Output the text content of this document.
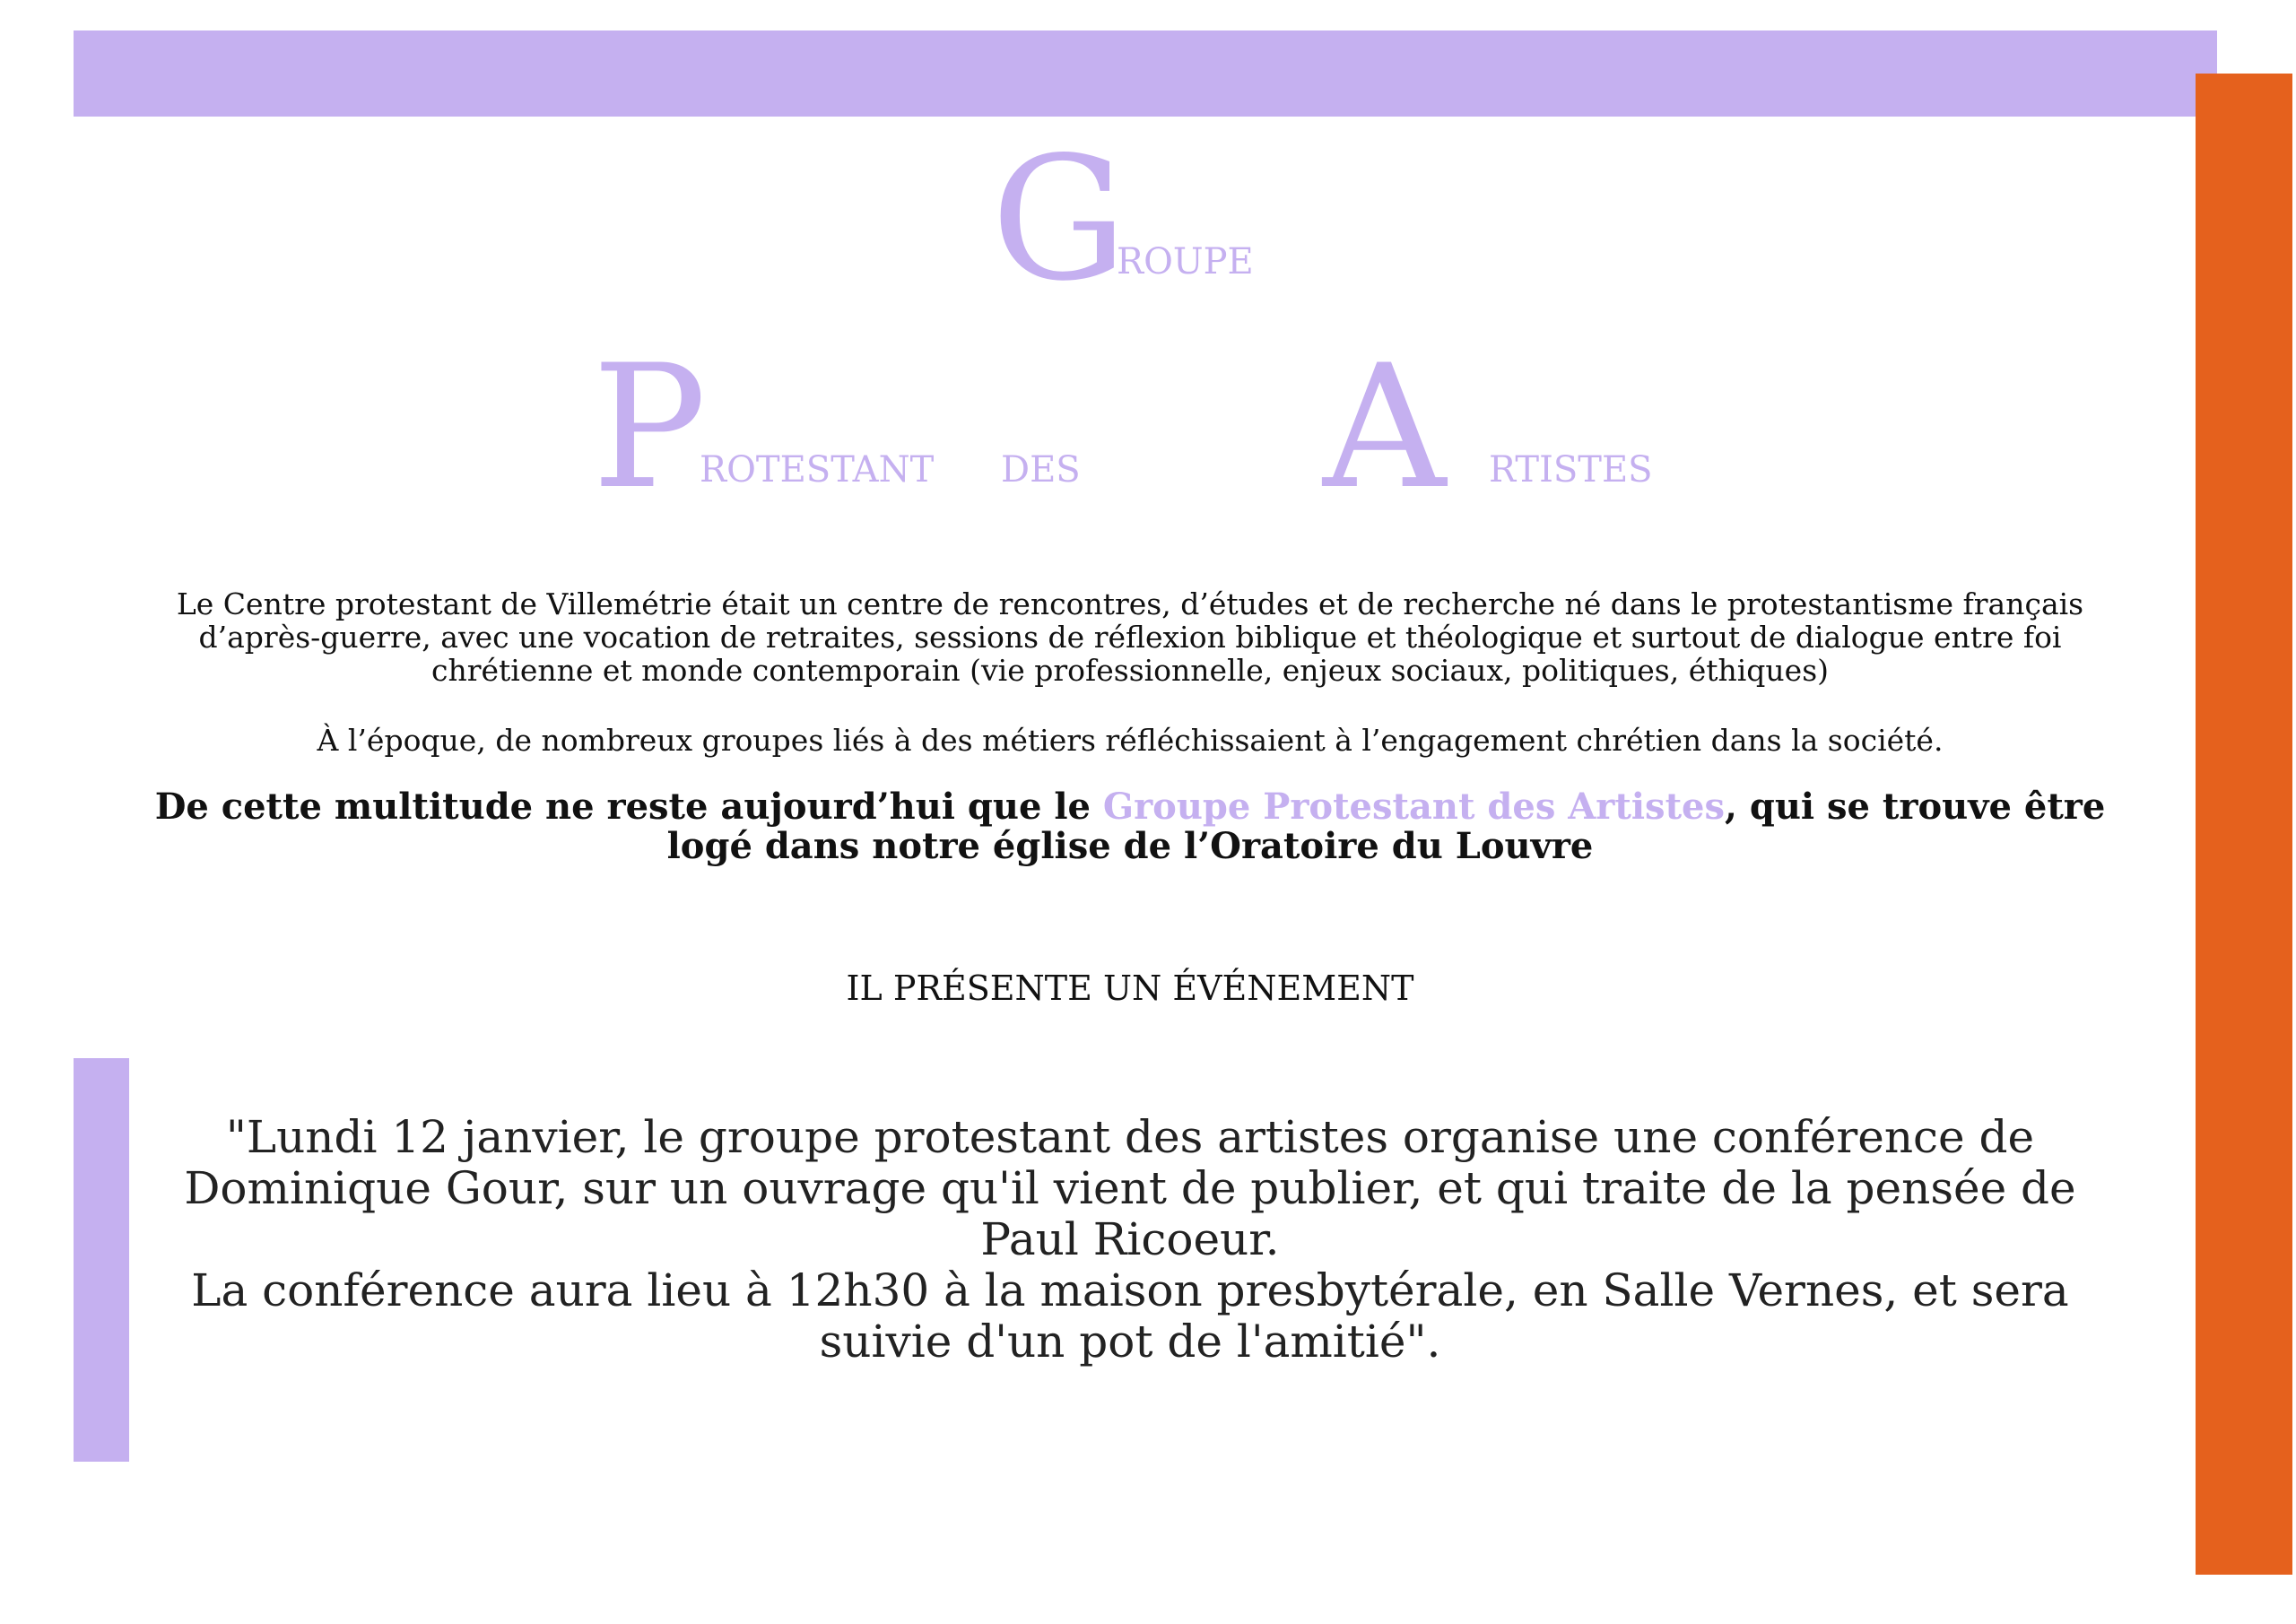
G
ROUPE
P
ROTESTANT DES A RTISTES
Le Centre protestant de Villemétrie était un centre de rencontres, d’études et de recherche né dans le protestantisme français d’après-guerre, avec une vocation de retraites, sessions de réflexion biblique et théologique et surtout de dialogue entre foi chrétienne et monde contemporain (vie professionnelle, enjeux sociaux, politiques, éthiques)
À l’époque, de nombreux groupes liés à des métiers réfléchissaient à l’engagement chrétien dans la société.
De cette multitude ne reste aujourd’hui que le Groupe Protestant des Artistes, qui se trouve être logé dans notre église de l’Oratoire du Louvre
IL PRÉSENTE UN ÉVÉNEMENT
"Lundi 12 janvier, le groupe protestant des artistes organise une conférence de Dominique Gour, sur un ouvrage qu'il vient de publier, et qui traite de la pensée de Paul Ricoeur.
La conférence aura lieu à 12h30 à la maison presbytérale, en Salle Vernes, et sera suivie d'un pot de l'amitié".
